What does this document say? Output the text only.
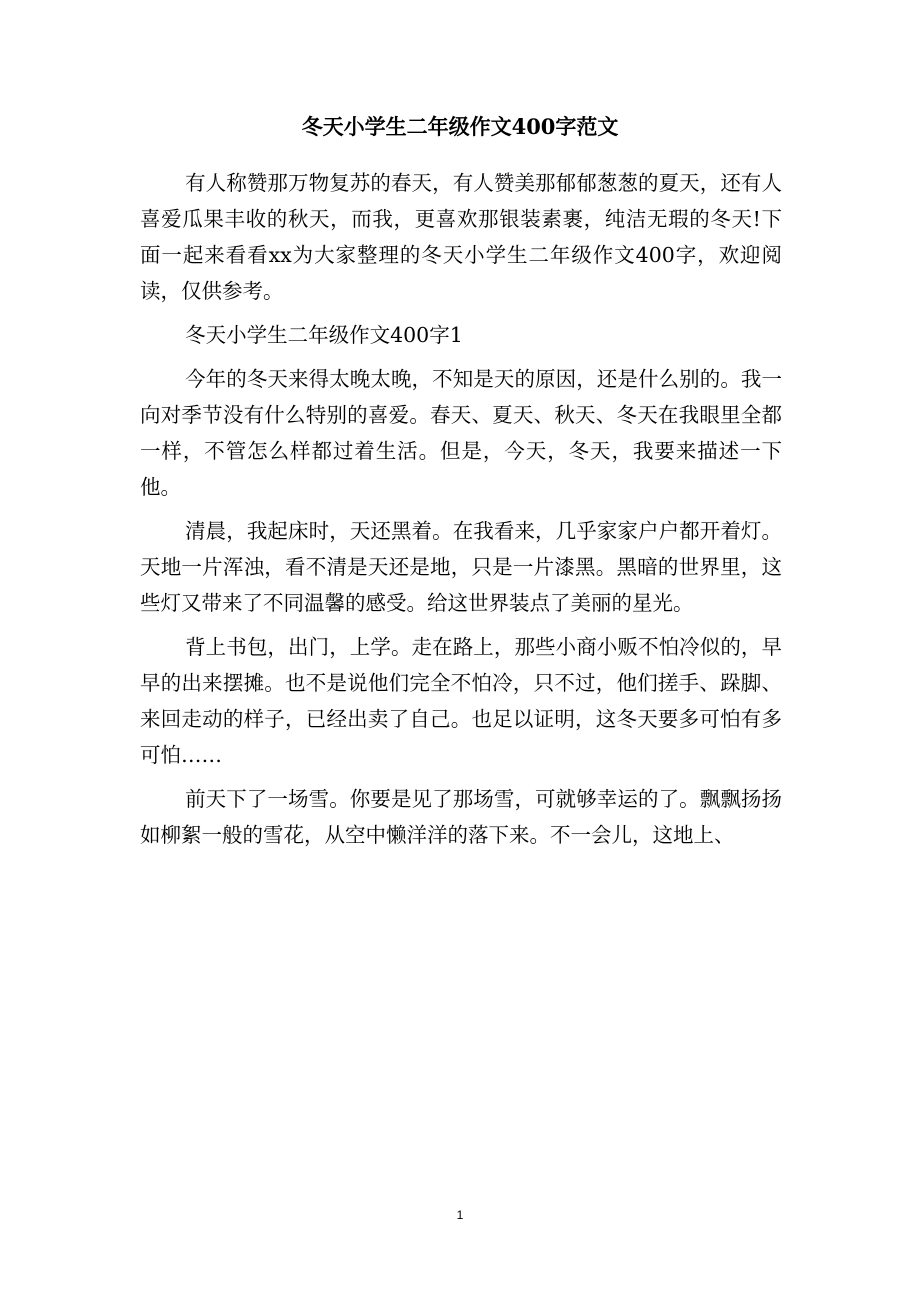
冬天小学生二年级作文400字范文

有人称赞那万物复苏的春天，有人赞美那郁郁葱葱的夏天，还有人喜爱瓜果丰收的秋天，而我，更喜欢那银装素裹，纯洁无瑕的冬天!下面一起来看看xx为大家整理的冬天小学生二年级作文400字，欢迎阅读，仅供参考。

冬天小学生二年级作文400字1

今年的冬天来得太晚太晚，不知是天的原因，还是什么别的。我一向对季节没有什么特别的喜爱。春天、夏天、秋天、冬天在我眼里全都一样，不管怎么样都过着生活。但是，今天，冬天，我要来描述一下他。

清晨，我起床时，天还黑着。在我看来，几乎家家户户都开着灯。天地一片浑浊，看不清是天还是地，只是一片漆黑。黑暗的世界里，这些灯又带来了不同温馨的感受。给这世界装点了美丽的星光。

背上书包，出门，上学。走在路上，那些小商小贩不怕冷似的，早早的出来摆摊。也不是说他们完全不怕冷，只不过，他们搓手、跺脚、来回走动的样子，已经出卖了自己。也足以证明，这冬天要多可怕有多可怕……

前天下了一场雪。你要是见了那场雪，可就够幸运的了。飘飘扬扬如柳絮一般的雪花，从空中懒洋洋的落下来。不一会儿，这地上、

1
